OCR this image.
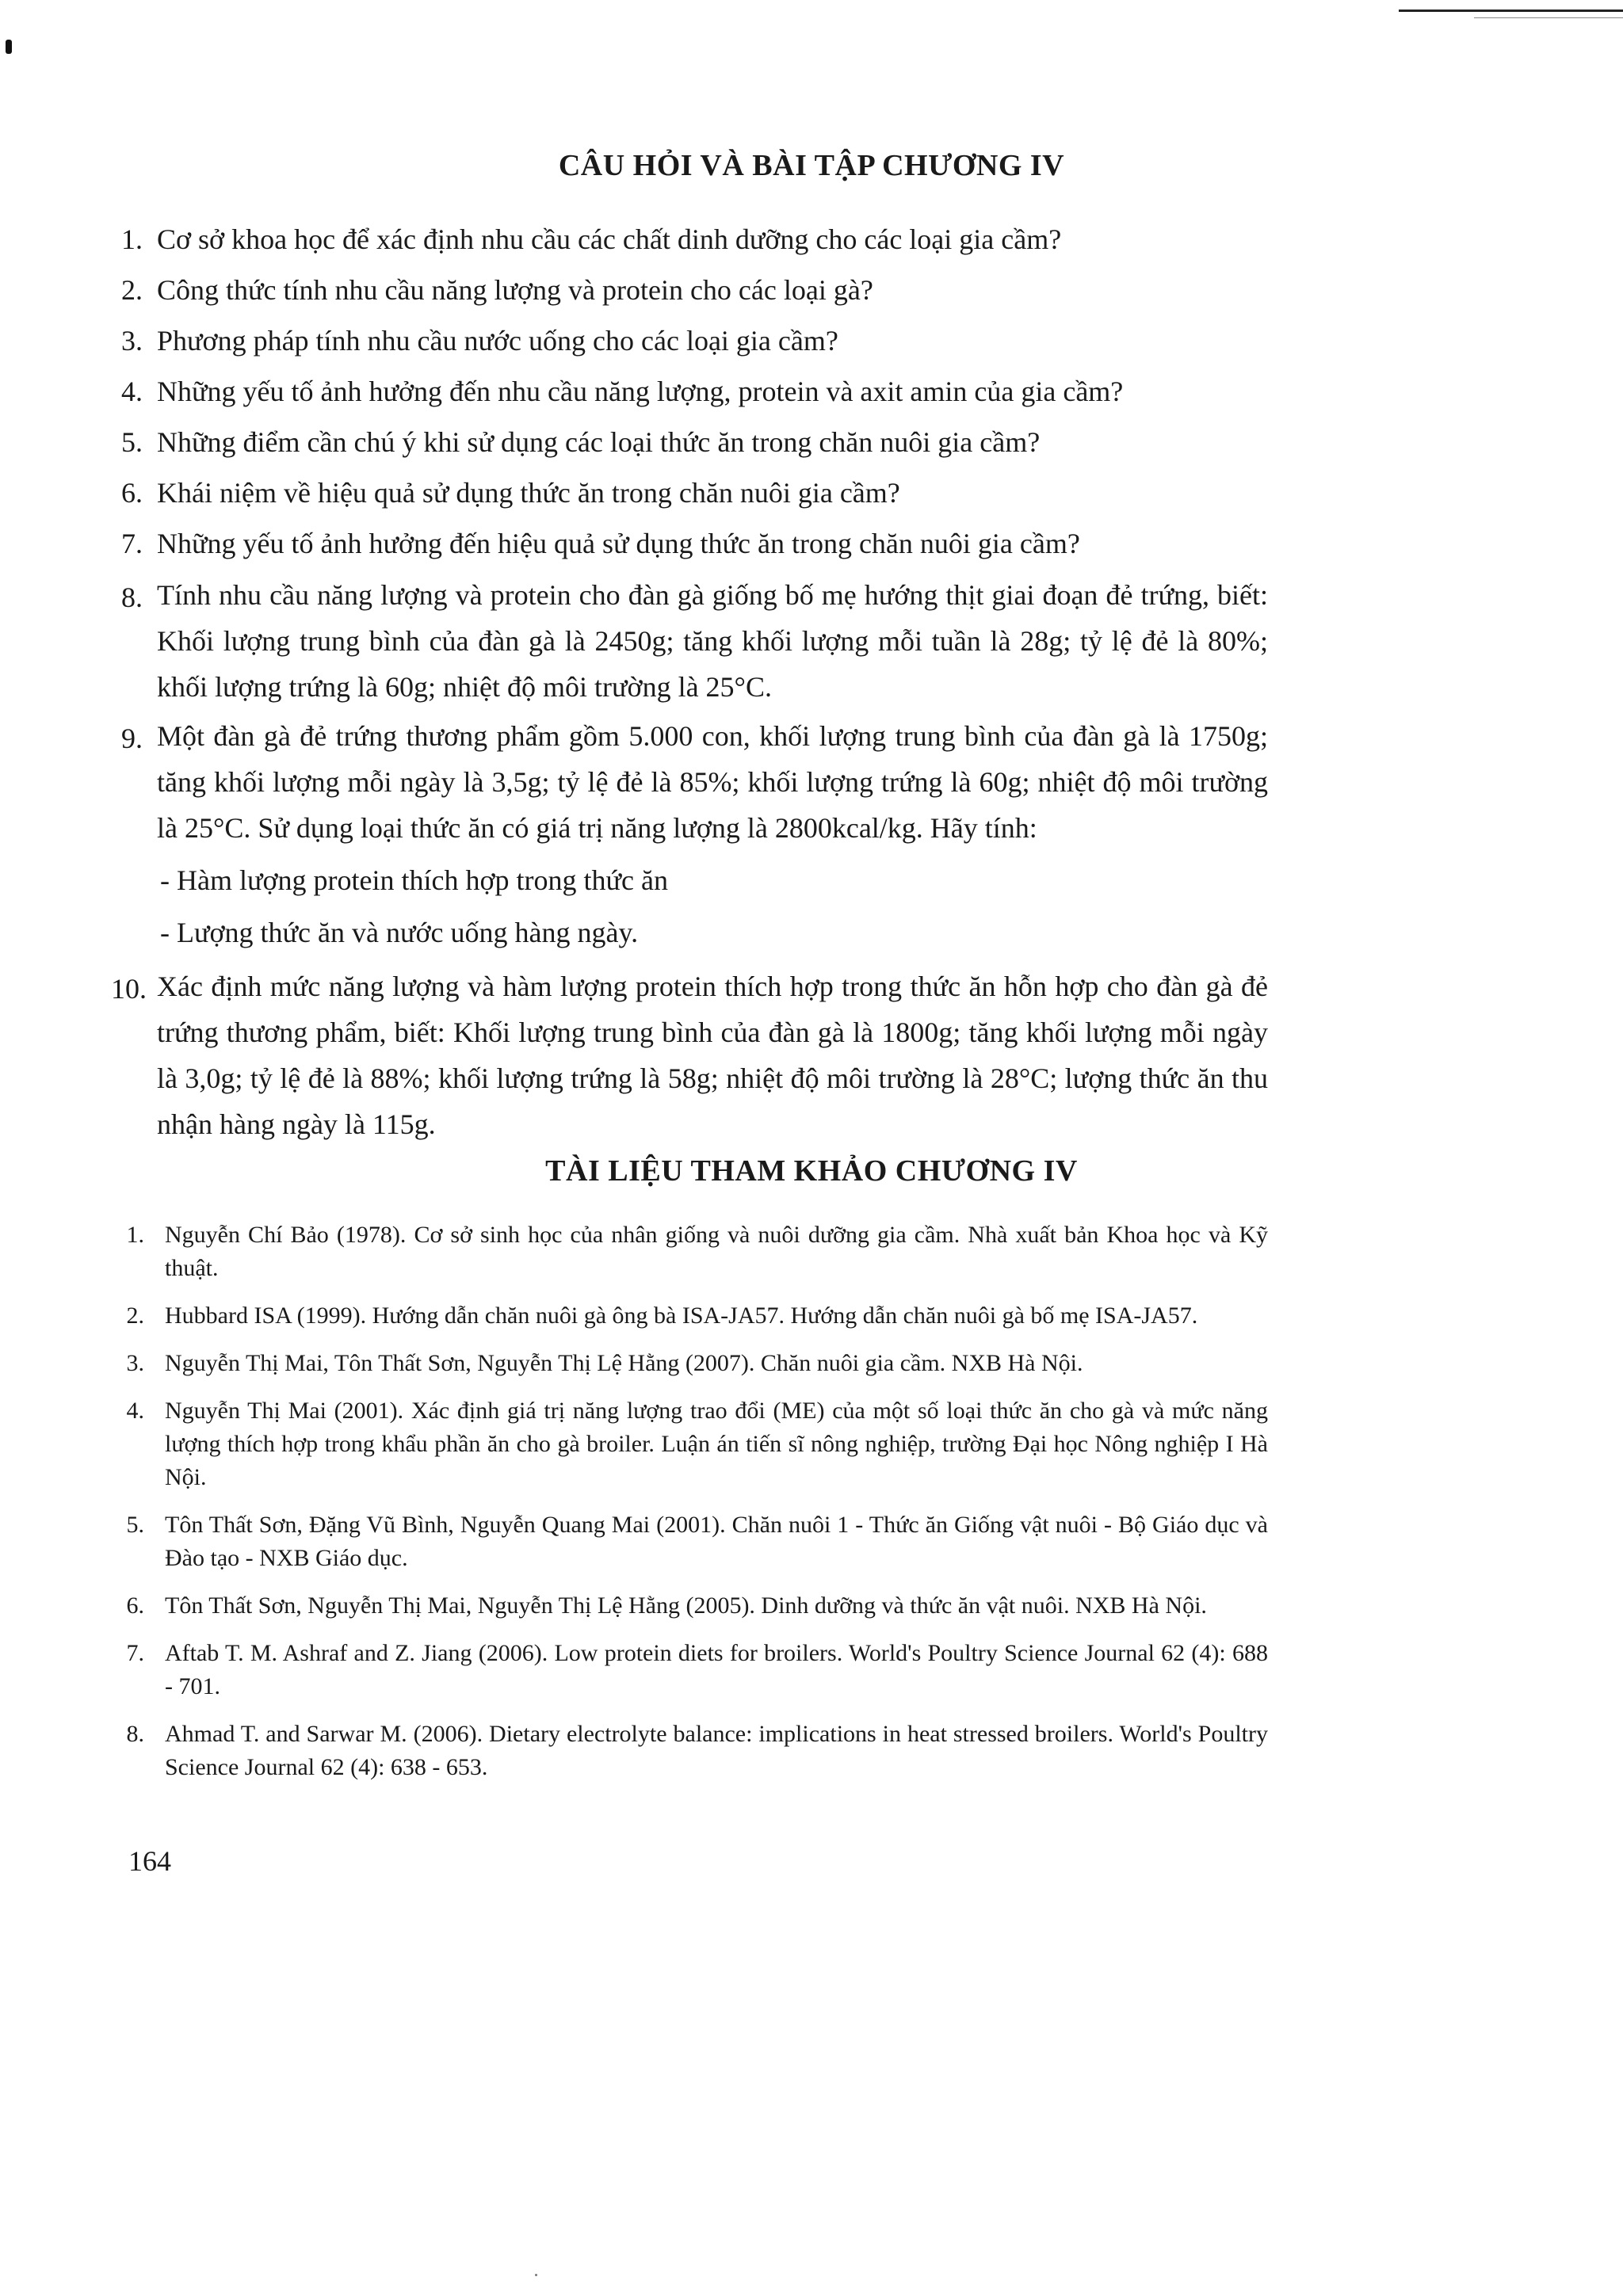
CÂU HỎI VÀ BÀI TẬP CHƯƠNG IV
1. Cơ sở khoa học để xác định nhu cầu các chất dinh dưỡng cho các loại gia cầm?
2. Công thức tính nhu cầu năng lượng và protein cho các loại gà?
3. Phương pháp tính nhu cầu nước uống cho các loại gia cầm?
4. Những yếu tố ảnh hưởng đến nhu cầu năng lượng, protein và axit amin của gia cầm?
5. Những điểm cần chú ý khi sử dụng các loại thức ăn trong chăn nuôi gia cầm?
6. Khái niệm về hiệu quả sử dụng thức ăn trong chăn nuôi gia cầm?
7. Những yếu tố ảnh hưởng đến hiệu quả sử dụng thức ăn trong chăn nuôi gia cầm?
8. Tính nhu cầu năng lượng và protein cho đàn gà giống bố mẹ hướng thịt giai đoạn đẻ trứng, biết: Khối lượng trung bình của đàn gà là 2450g; tăng khối lượng mỗi tuần là 28g; tỷ lệ đẻ là 80%; khối lượng trứng là 60g; nhiệt độ môi trường là 25°C.
9. Một đàn gà đẻ trứng thương phẩm gồm 5.000 con, khối lượng trung bình của đàn gà là 1750g; tăng khối lượng mỗi ngày là 3,5g; tỷ lệ đẻ là 85%; khối lượng trứng là 60g; nhiệt độ môi trường là 25°C. Sử dụng loại thức ăn có giá trị năng lượng là 2800kcal/kg. Hãy tính:
- Hàm lượng protein thích hợp trong thức ăn
- Lượng thức ăn và nước uống hàng ngày.
10. Xác định mức năng lượng và hàm lượng protein thích hợp trong thức ăn hỗn hợp cho đàn gà đẻ trứng thương phẩm, biết: Khối lượng trung bình của đàn gà là 1800g; tăng khối lượng mỗi ngày là 3,0g; tỷ lệ đẻ là 88%; khối lượng trứng là 58g; nhiệt độ môi trường là 28°C; lượng thức ăn thu nhận hàng ngày là 115g.
TÀI LIỆU THAM KHẢO CHƯƠNG IV
1. Nguyễn Chí Bảo (1978). Cơ sở sinh học của nhân giống và nuôi dưỡng gia cầm. Nhà xuất bản Khoa học và Kỹ thuật.
2. Hubbard ISA (1999). Hướng dẫn chăn nuôi gà ông bà ISA-JA57. Hướng dẫn chăn nuôi gà bố mẹ ISA-JA57.
3. Nguyễn Thị Mai, Tôn Thất Sơn, Nguyễn Thị Lệ Hằng (2007). Chăn nuôi gia cầm. NXB Hà Nội.
4. Nguyễn Thị Mai (2001). Xác định giá trị năng lượng trao đổi (ME) của một số loại thức ăn cho gà và mức năng lượng thích hợp trong khẩu phần ăn cho gà broiler. Luận án tiến sĩ nông nghiệp, trường Đại học Nông nghiệp I Hà Nội.
5. Tôn Thất Sơn, Đặng Vũ Bình, Nguyễn Quang Mai (2001). Chăn nuôi 1 - Thức ăn Giống vật nuôi - Bộ Giáo dục và Đào tạo - NXB Giáo dục.
6. Tôn Thất Sơn, Nguyễn Thị Mai, Nguyễn Thị Lệ Hằng (2005). Dinh dưỡng và thức ăn vật nuôi. NXB Hà Nội.
7. Aftab T. M. Ashraf and Z. Jiang (2006). Low protein diets for broilers. World's Poultry Science Journal 62 (4): 688 - 701.
8. Ahmad T. and Sarwar M. (2006). Dietary electrolyte balance: implications in heat stressed broilers. World's Poultry Science Journal 62 (4): 638 - 653.
164
